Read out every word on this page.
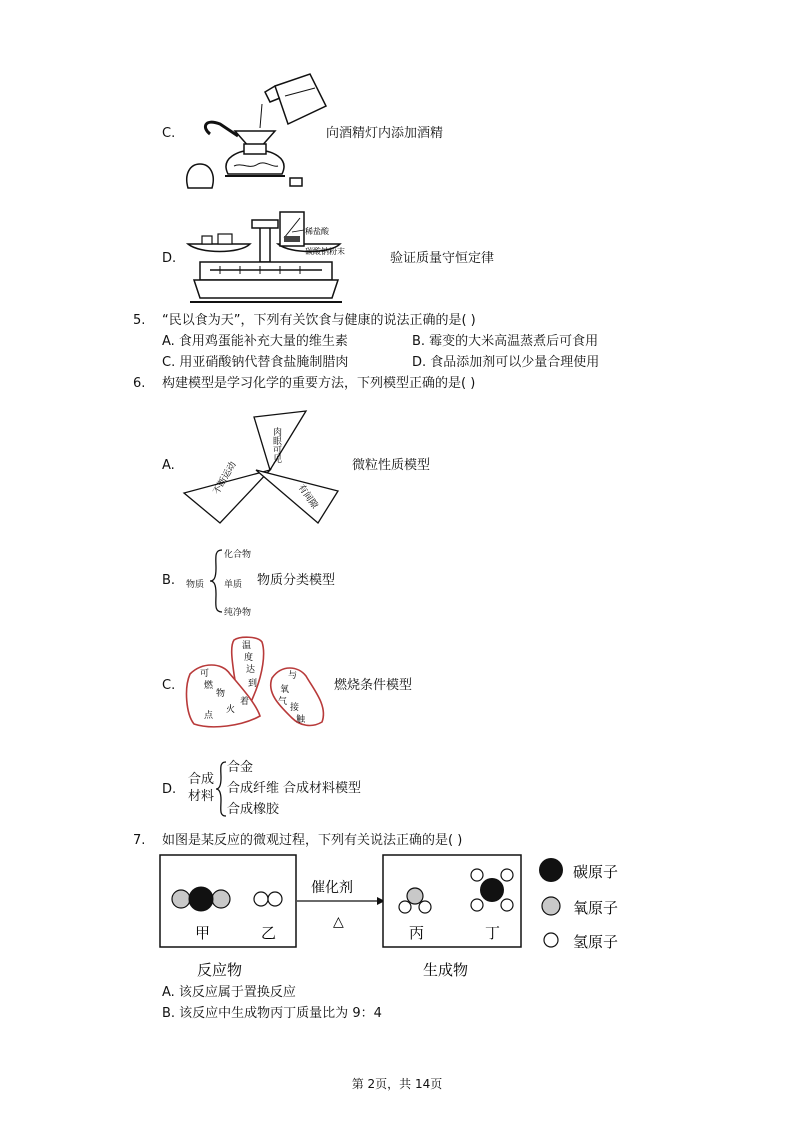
C.	向酒精灯内添加酒精
D.
稀盐酸
碳酸钠粉末	验证质量守恒定律
5. “民以食为天”，下列有关饮食与健康的说法正确的是( )
A. 食用鸡蛋能补充大量的维生素	B. 霉变的大米高温蒸煮后可食用
C. 用亚硝酸钠代替食盐腌制腊肉	D. 食品添加剂可以少量合理使用
6. 构建模型是学习化学的重要方法，下列模型正确的是( )
A.
肉眼可见
不断运动
有间隙
微粒性质模型
B. 物质
化合物
单质
纯净物
物质分类模型
C.
温
度
达
到
可
燃
物
点
火
着
与
氧
气
接
触
燃烧条件模型
D.
合成
材料
合金
合成纤维 合成材料模型
合成橡胶
7. 如图是某反应的微观过程，下列有关说法正确的是( )
甲	乙
催化剂
△
丙	丁
反应物	生成物
碳原子
氧原子
氢原子
A. 该反应属于置换反应
B. 该反应中生成物丙丁质量比为 9：4
第 2页，共 14页
